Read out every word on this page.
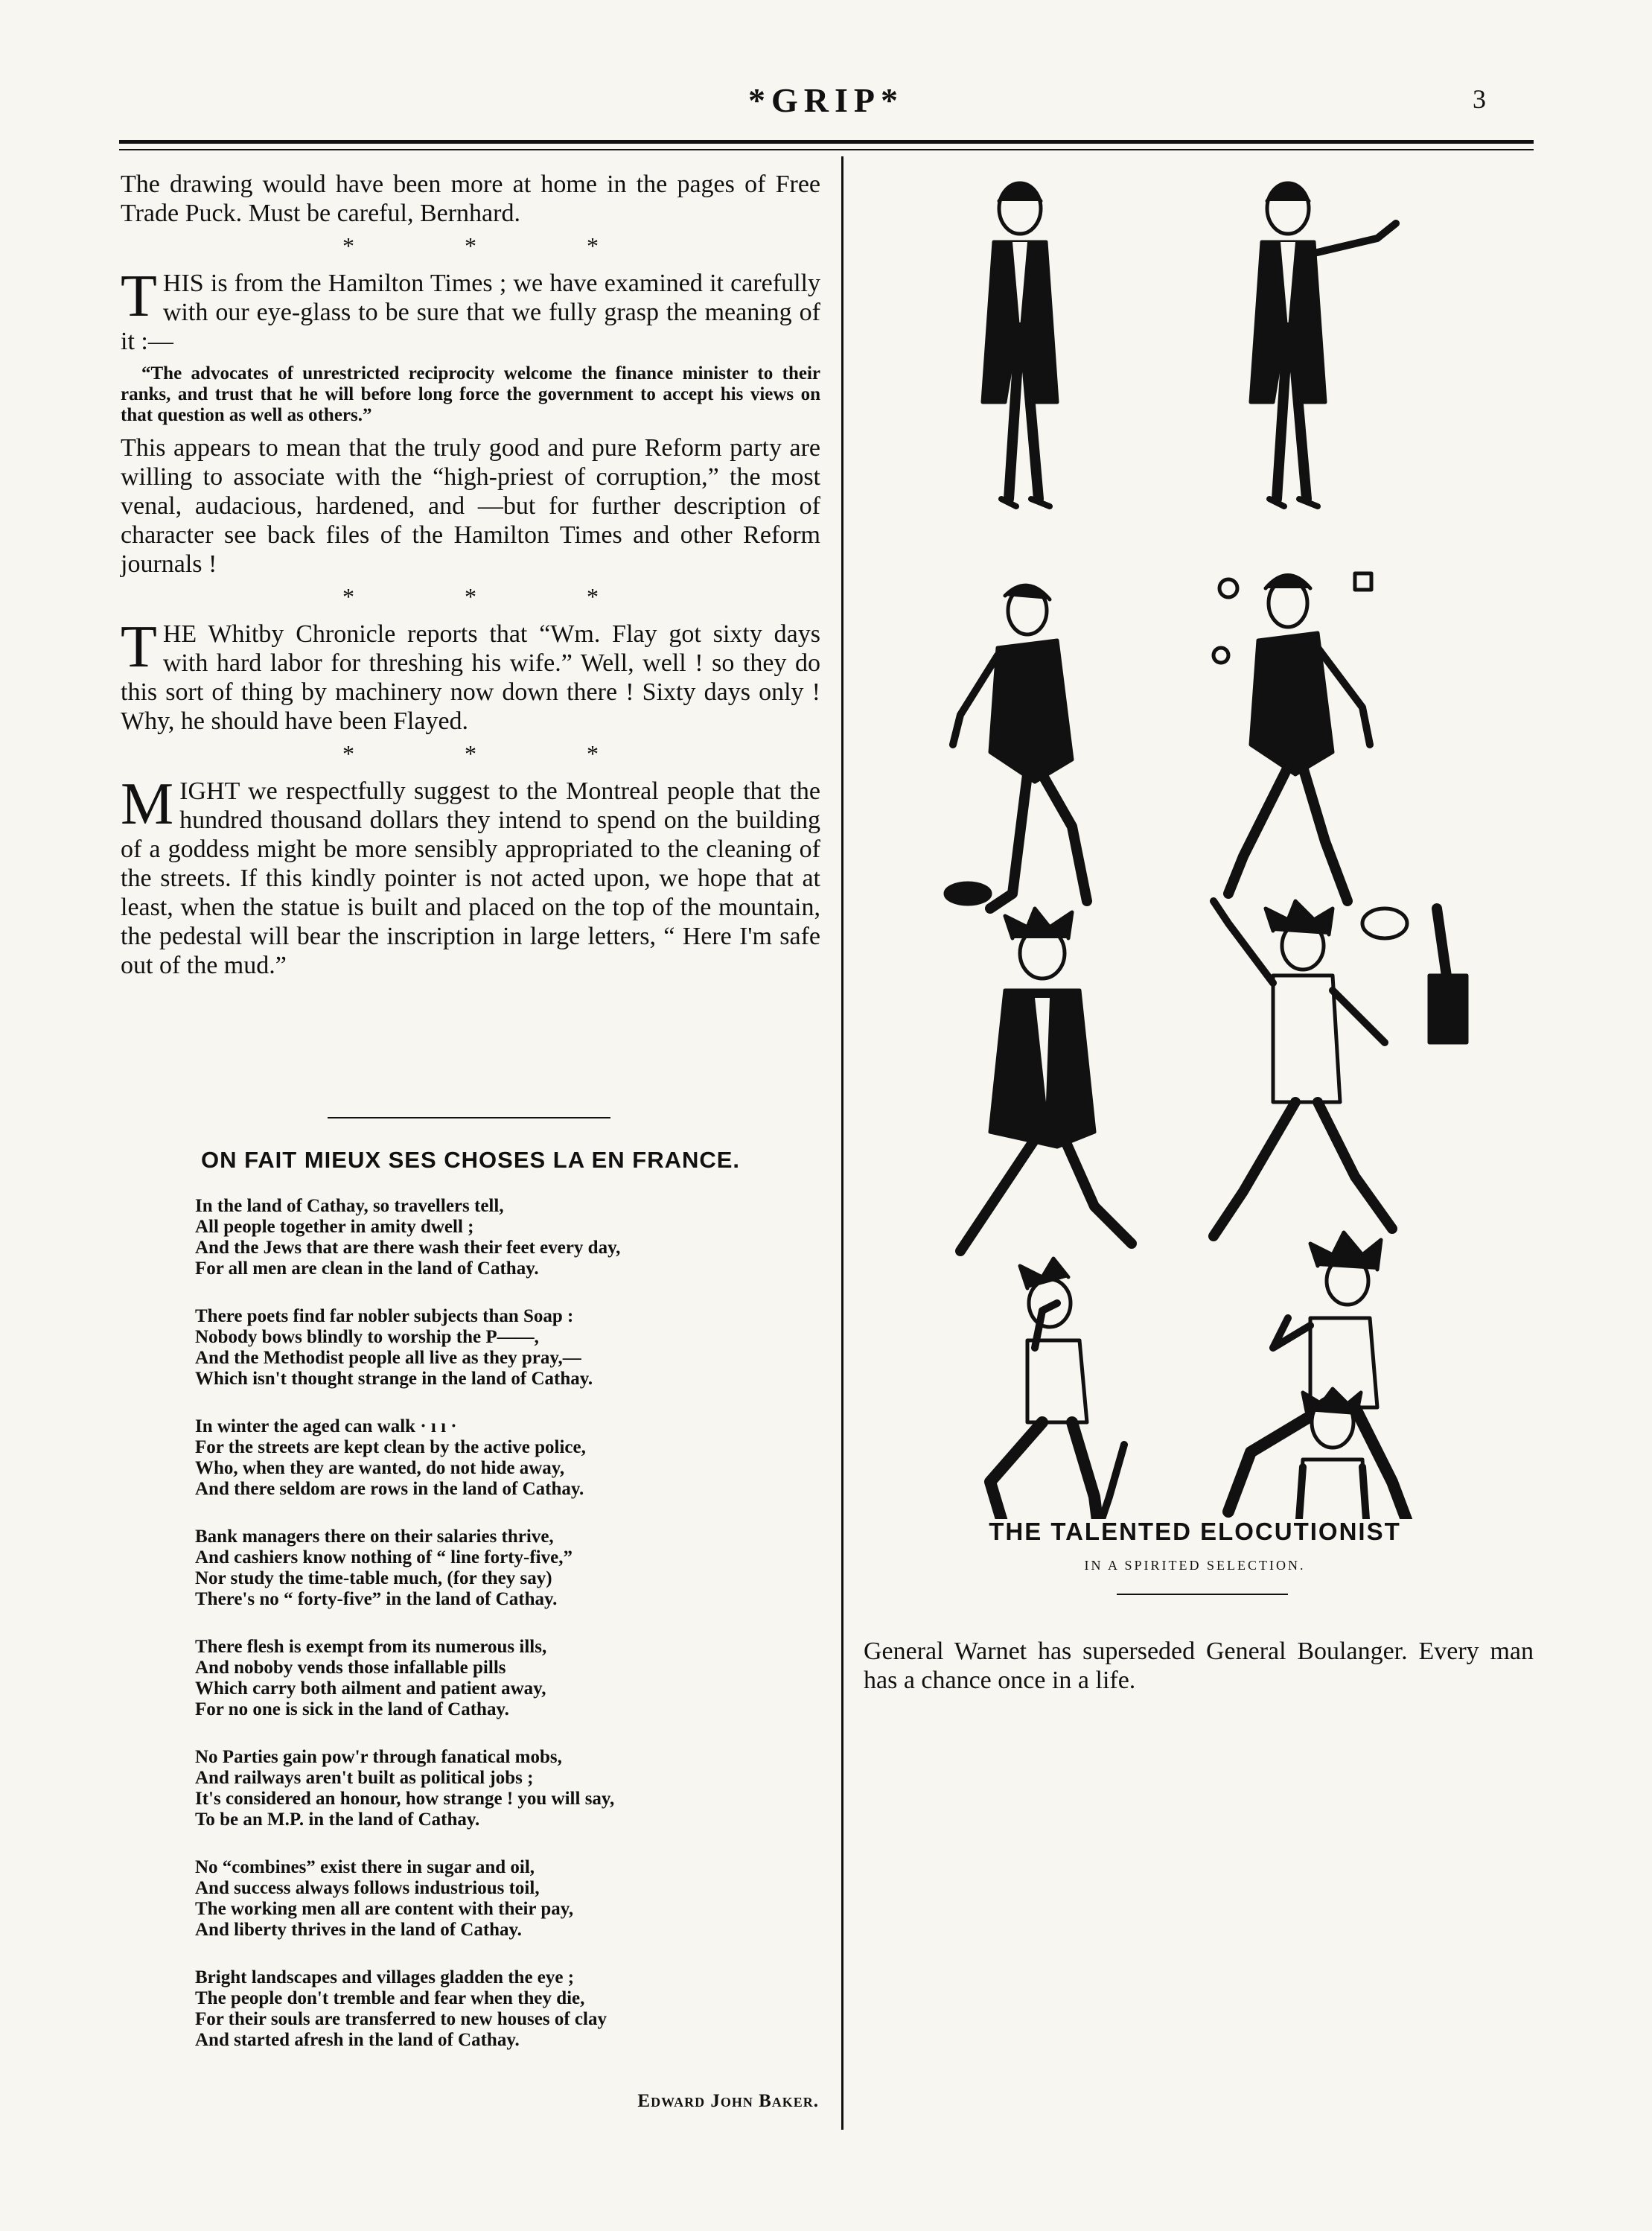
*GRIP*	3

The drawing would have been more at home in the pages of Free Trade Puck. Must be careful, Bernhard.

* * *

T HIS is from the Hamilton Times ; we have examined it carefully with our eye-glass to be sure that we fully grasp the meaning of it :—

“The advocates of unrestricted reciprocity welcome the finance minister to their ranks, and trust that he will before long force the government to accept his views on that question as well as others.”

This appears to mean that the truly good and pure Reform party are willing to associate with the “high-priest of corruption,” the most venal, audacious, hardened, and —but for further description of character see back files of the Hamilton Times and other Reform journals !

* * *

T HE Whitby Chronicle reports that “Wm. Flay got sixty days with hard labor for threshing his wife.” Well, well ! so they do this sort of thing by machinery now down there ! Sixty days only ! Why, he should have been Flayed.

* * *

M IGHT we respectfully suggest to the Montreal people that the hundred thousand dollars they intend to spend on the building of a goddess might be more sensibly appropriated to the cleaning of the streets. If this kindly pointer is not acted upon, we hope that at least, when the statue is built and placed on the top of the mountain, the pedestal will bear the inscription in large letters, “ Here I'm safe out of the mud.”

ON FAIT MIEUX SES CHOSES LA EN FRANCE.
In the land of Cathay, so travellers tell,
All people together in amity dwell ;
And the Jews that are there wash their feet every day,
For all men are clean in the land of Cathay.
There poets find far nobler subjects than Soap :
Nobody bows blindly to worship the P——,
And the Methodist people all live as they pray,—
Which isn't thought strange in the land of Cathay.
In winter the aged can walk · ı ı ·
For the streets are kept clean by the active police,
Who, when they are wanted, do not hide away,
And there seldom are rows in the land of Cathay.
Bank managers there on their salaries thrive,
And cashiers know nothing of “ line forty-five,”
Nor study the time-table much, (for they say)
There's no “ forty-five” in the land of Cathay.
There flesh is exempt from its numerous ills,
And noboby vends those infallable pills
Which carry both ailment and patient away,
For no one is sick in the land of Cathay.
No Parties gain pow'r through fanatical mobs,
And railways aren't built as political jobs ;
It's considered an honour, how strange ! you will say,
To be an M.P. in the land of Cathay.
No “combines” exist there in sugar and oil,
And success always follows industrious toil,
The working men all are content with their pay,
And liberty thrives in the land of Cathay.
Bright landscapes and villages gladden the eye ;
The people don't tremble and fear when they die,
For their souls are transferred to new houses of clay
And started afresh in the land of Cathay.
Edward John Baker.
THE TALENTED ELOCUTIONIST
IN A SPIRITED SELECTION.

General Warnet has superseded General Boulanger. Every man has a chance once in a life.
